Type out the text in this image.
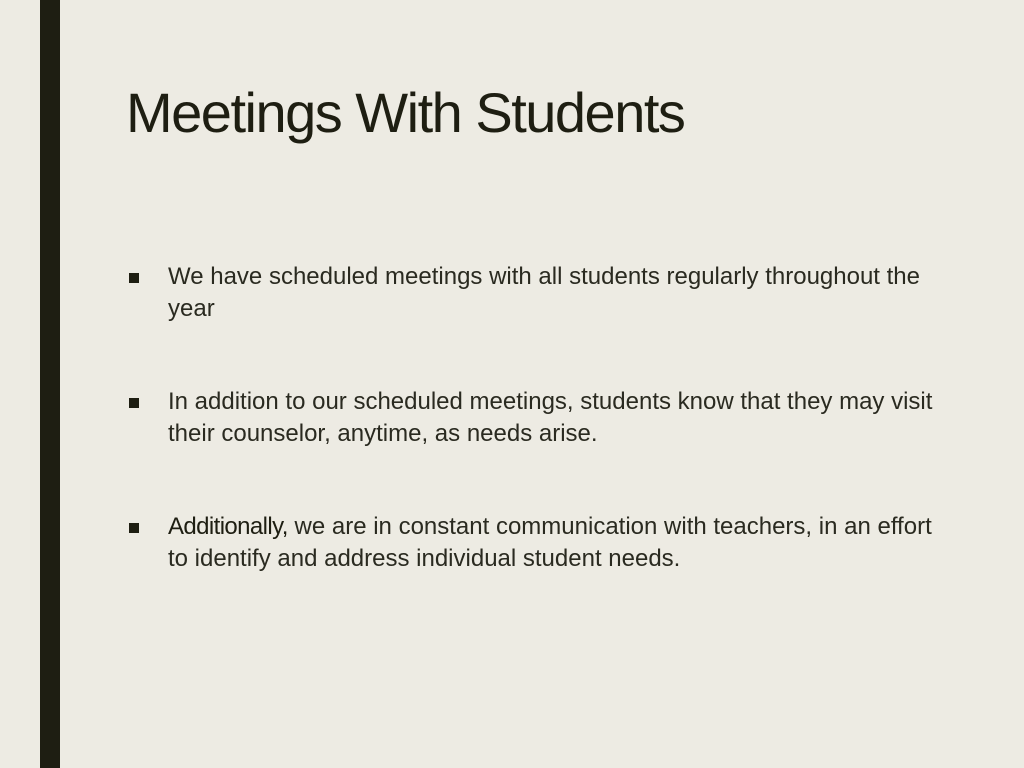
Meetings With Students
We have scheduled meetings with all students regularly throughout the year
In addition to our scheduled meetings, students know that they may visit their counselor, anytime, as needs arise.
Additionally, we are in constant communication with teachers, in an effort to identify and address individual student needs.
